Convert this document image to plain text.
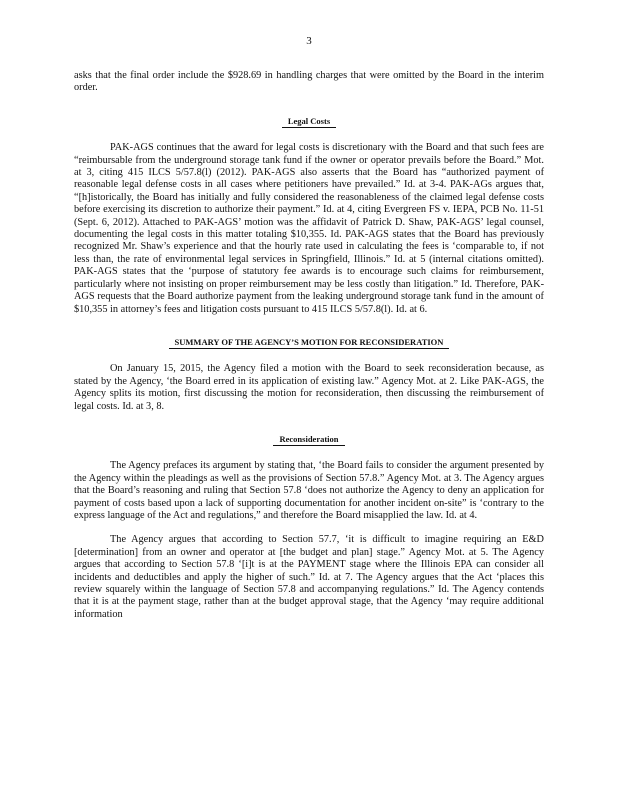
3

asks that the final order include the $928.69 in handling charges that were omitted by the Board in the interim order.

Legal Costs

PAK-AGS continues that the award for legal costs is discretionary with the Board and that such fees are “reimbursable from the underground storage tank fund if the owner or operator prevails before the Board.” Mot. at 3, citing 415 ILCS 5/57.8(l) (2012). PAK-AGS also asserts that the Board has “authorized payment of reasonable legal defense costs in all cases where petitioners have prevailed.” Id. at 3-4. PAK-AGs argues that, “[h]istorically, the Board has initially and fully considered the reasonableness of the claimed legal defense costs before exercising its discretion to authorize their payment.” Id. at 4, citing Evergreen FS v. IEPA, PCB No. 11-51 (Sept. 6, 2012). Attached to PAK-AGS’ motion was the affidavit of Patrick D. Shaw, PAK-AGS’ legal counsel, documenting the legal costs in this matter totaling $10,355. Id. PAK-AGS states that the Board has previously recognized Mr. Shaw’s experience and that the hourly rate used in calculating the fees is ‘comparable to, if not less than, the rate of environmental legal services in Springfield, Illinois.” Id. at 5 (internal citations omitted). PAK-AGS states that the ‘purpose of statutory fee awards is to encourage such claims for reimbursement, particularly where not insisting on proper reimbursement may be less costly than litigation.” Id. Therefore, PAK-AGS requests that the Board authorize payment from the leaking underground storage tank fund in the amount of $10,355 in attorney’s fees and litigation costs pursuant to 415 ILCS 5/57.8(l). Id. at 6.

SUMMARY OF THE AGENCY’S MOTION FOR RECONSIDERATION

On January 15, 2015, the Agency filed a motion with the Board to seek reconsideration because, as stated by the Agency, ‘the Board erred in its application of existing law.” Agency Mot. at 2. Like PAK-AGS, the Agency splits its motion, first discussing the motion for reconsideration, then discussing the reimbursement of legal costs. Id. at 3, 8.

Reconsideration

The Agency prefaces its argument by stating that, ‘the Board fails to consider the argument presented by the Agency within the pleadings as well as the provisions of Section 57.8.” Agency Mot. at 3. The Agency argues that the Board’s reasoning and ruling that Section 57.8 ‘does not authorize the Agency to deny an application for payment of costs based upon a lack of supporting documentation for another incident on-site” is ‘contrary to the express language of the Act and regulations,” and therefore the Board misapplied the law. Id. at 4.

The Agency argues that according to Section 57.7, ‘it is difficult to imagine requiring an E&D [determination] from an owner and operator at [the budget and plan] stage.” Agency Mot. at 5. The Agency argues that according to Section 57.8 ‘[i]t is at the PAYMENT stage where the Illinois EPA can consider all incidents and deductibles and apply the higher of such.” Id. at 7. The Agency argues that the Act ‘places this review squarely within the language of Section 57.8 and accompanying regulations.” Id. The Agency contends that it is at the payment stage, rather than at the budget approval stage, that the Agency ‘may require additional information
